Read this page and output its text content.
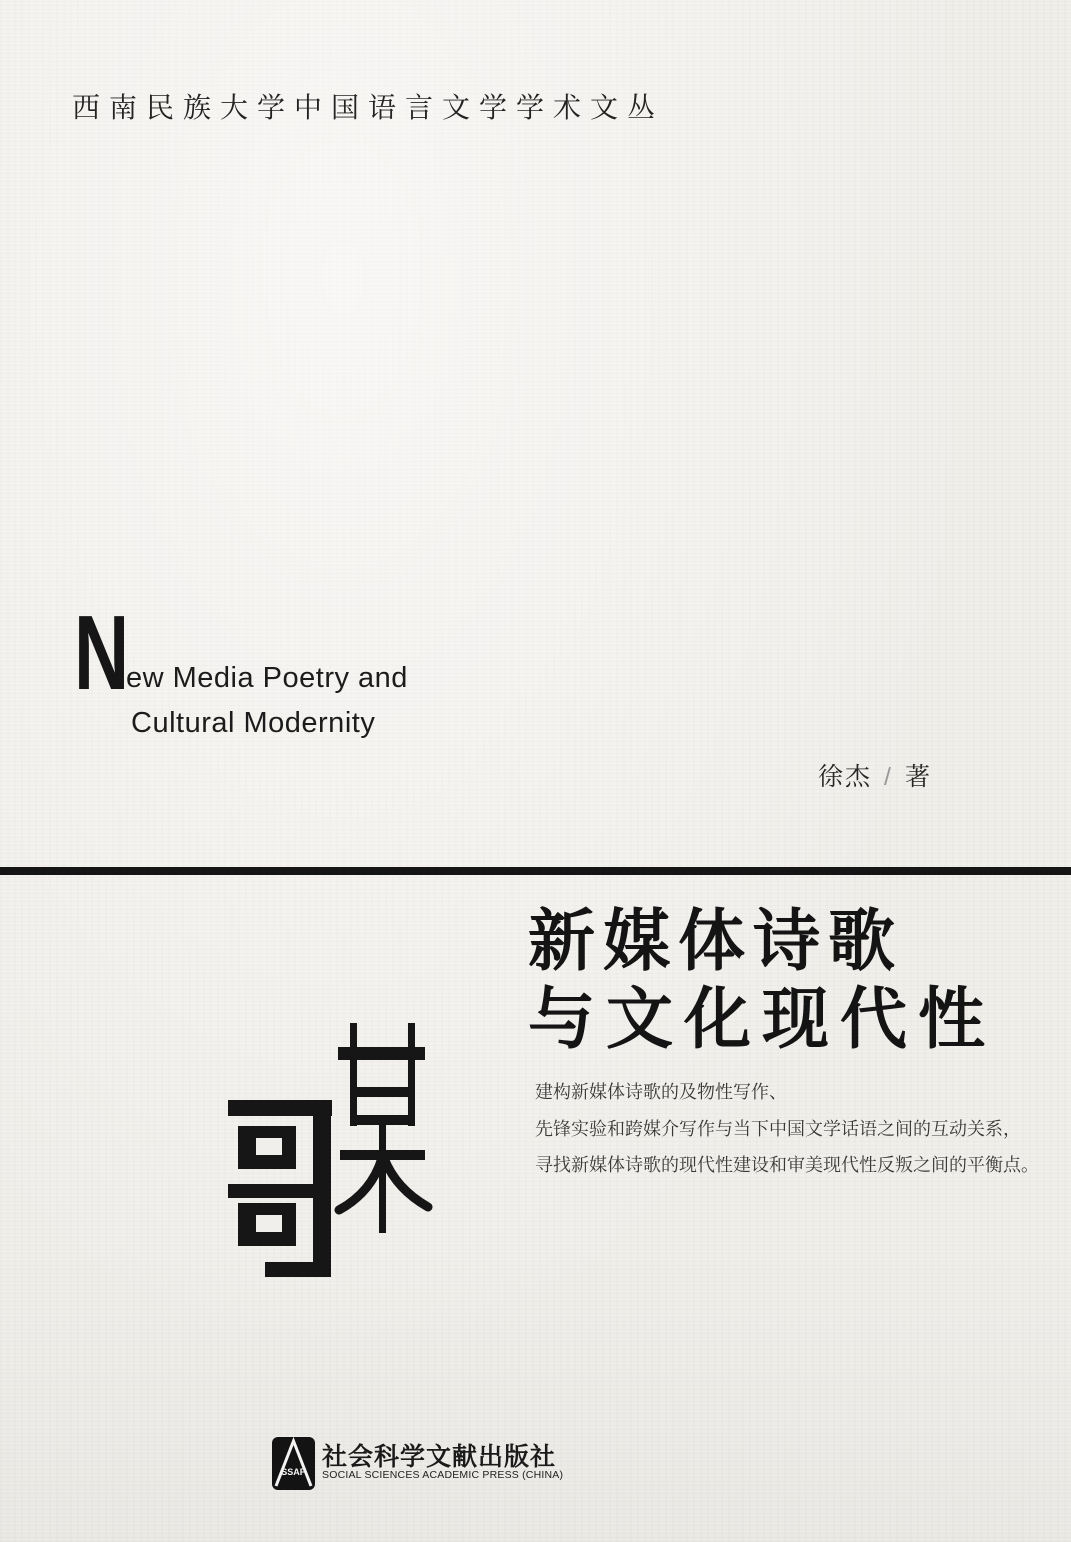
西南民族大学中国语言文学学术文丛
N
ew Media Poetry and
Cultural Modernity
徐杰 / 著
新媒体诗歌
与文化现代性
建构新媒体诗歌的及物性写作、
先锋实验和跨媒介写作与当下中国文学话语之间的互动关系，
寻找新媒体诗歌的现代性建设和审美现代性反叛之间的平衡点。
SSAP
社会科学文献出版社
SOCIAL SCIENCES ACADEMIC PRESS (CHINA)
